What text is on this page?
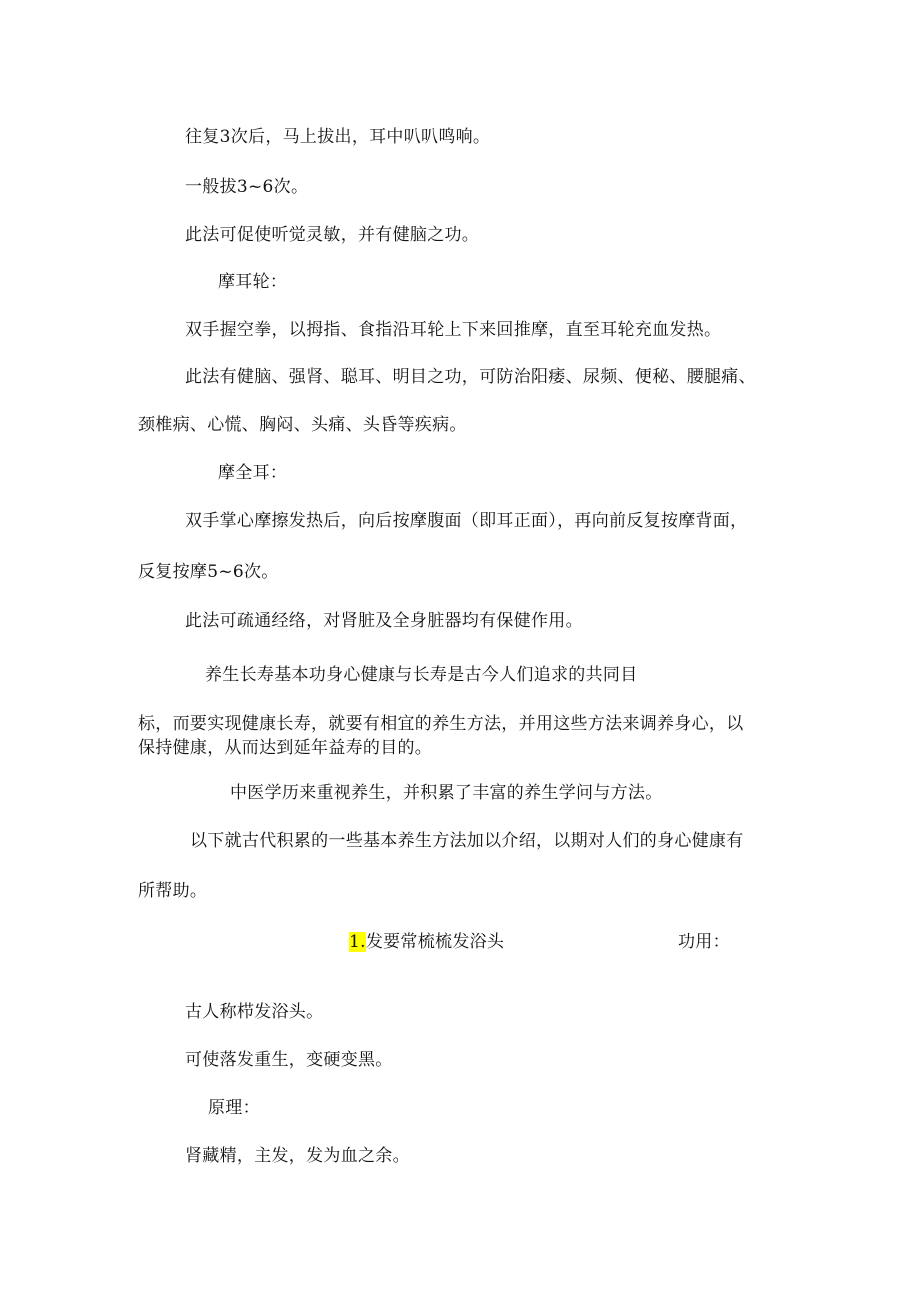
往复3次后，马上拔出，耳中叭叭鸣响。
一般拔3~6次。
此法可促使听觉灵敏，并有健脑之功。
摩耳轮：
双手握空拳，以拇指、食指沿耳轮上下来回推摩，直至耳轮充血发热。
此法有健脑、强肾、聪耳、明目之功，可防治阳痿、尿频、便秘、腰腿痛、
颈椎病、心慌、胸闷、头痛、头昏等疾病。
摩全耳：
双手掌心摩擦发热后，向后按摩腹面（即耳正面），再向前反复按摩背面，
反复按摩5~6次。
此法可疏通经络，对肾脏及全身脏器均有保健作用。
养生长寿基本功身心健康与长寿是古今人们追求的共同目
标，而要实现健康长寿，就要有相宜的养生方法，并用这些方法来调养身心，以
保持健康，从而达到延年益寿的目的。
中医学历来重视养生，并积累了丰富的养生学问与方法。
以下就古代积累的一些基本养生方法加以介绍，以期对人们的身心健康有
所帮助。
1.发要常梳梳发浴头	功用：
古人称栉发浴头。
可使落发重生，变硬变黑。
原理：
肾藏精，主发，发为血之余。
